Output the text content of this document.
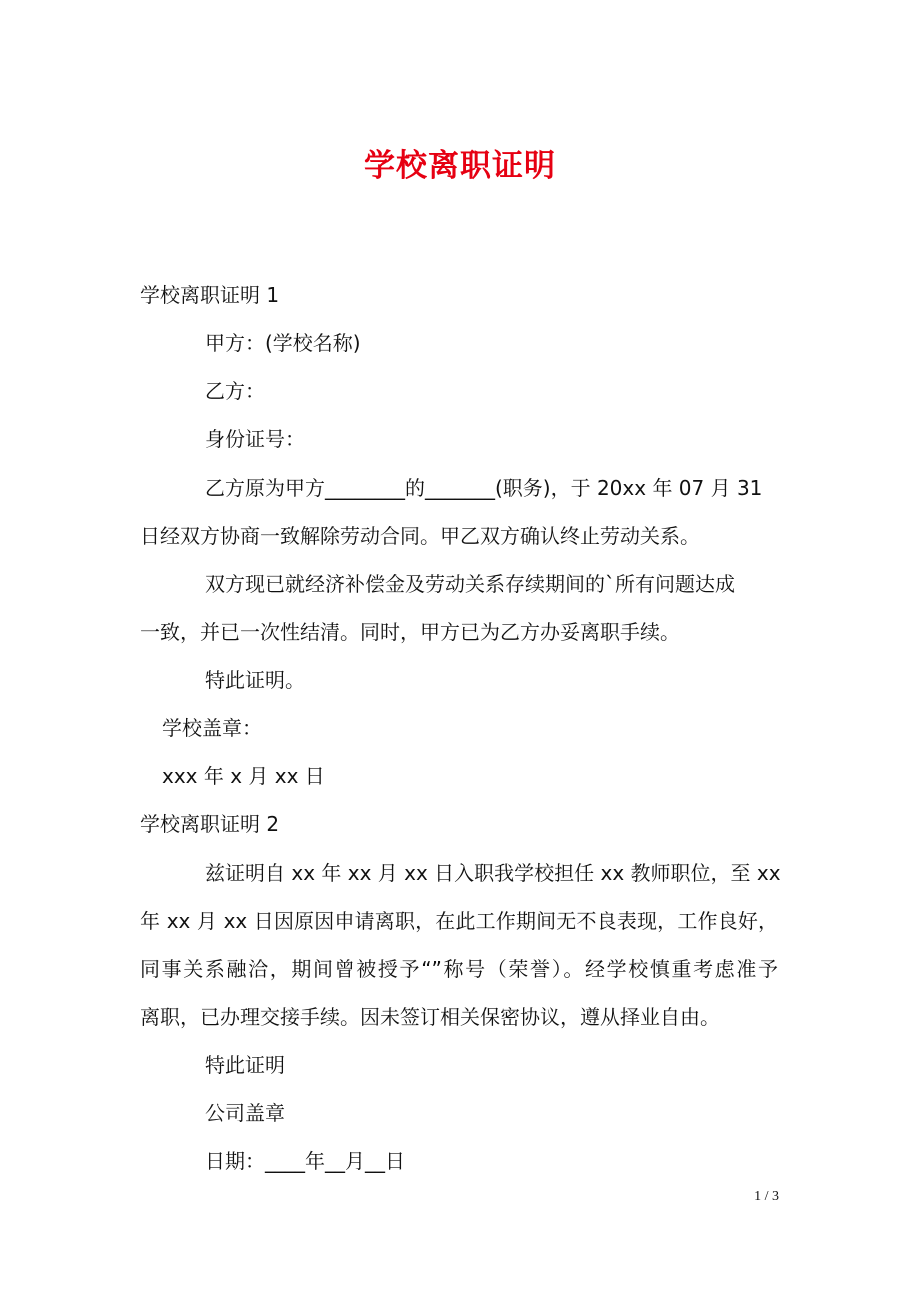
学校离职证明
学校离职证明 1
甲方：(学校名称)
乙方：
身份证号：
乙方原为甲方________的_______(职务)，于 20xx 年 07 月 31
日经双方协商一致解除劳动合同。甲乙双方确认终止劳动关系。
双方现已就经济补偿金及劳动关系存续期间的`所有问题达成
一致，并已一次性结清。同时，甲方已为乙方办妥离职手续。
特此证明。
学校盖章：
xxx 年 x 月 xx 日
学校离职证明 2
兹证明自 xx 年 xx 月 xx 日入职我学校担任 xx 教师职位，至 xx
年 xx 月 xx 日因原因申请离职，在此工作期间无不良表现，工作良好，
同事关系融洽，期间曾被授予“”称号（荣誉）。经学校慎重考虑准予
离职，已办理交接手续。因未签订相关保密协议，遵从择业自由。
特此证明
公司盖章
日期：____年__月__日
1 / 3
